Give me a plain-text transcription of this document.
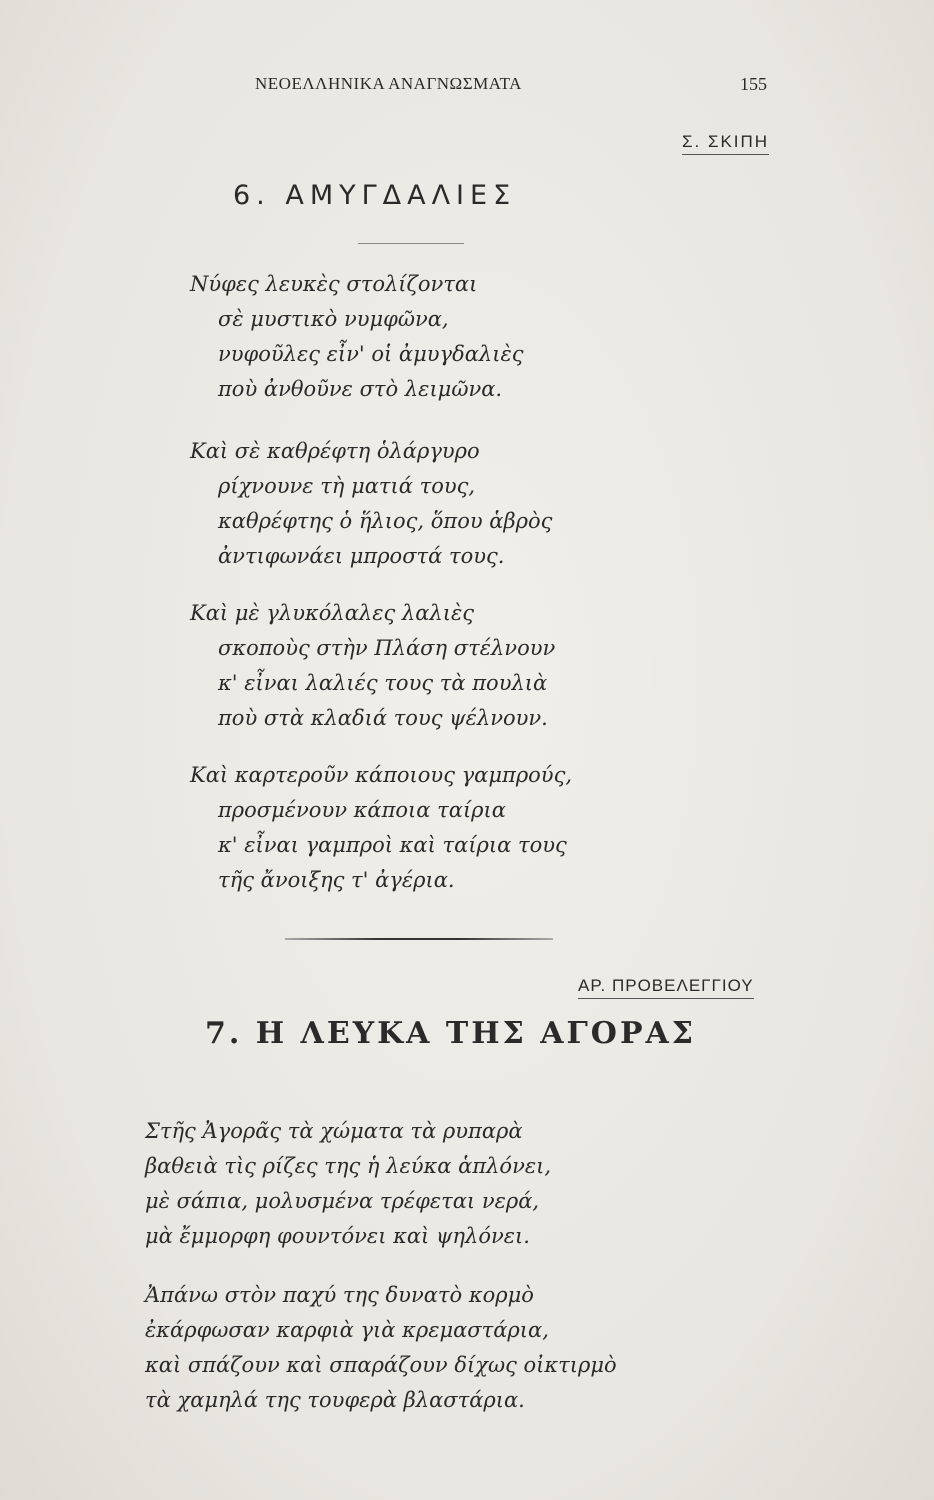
ΝΕΟΕΛΛΗΝΙΚΑ ΑΝΑΓΝΩΣΜΑΤΑ	155
Σ. ΣΚΙΠΗ
6. ΑΜΥΓΔΑΛΙΕΣ
Νύφες λευκὲς στολίζονται
σὲ μυστικὸ νυμφῶνα,
νυφοῦλες εἶν' οἱ ἀμυγδαλιὲς
ποὺ ἀνθοῦνε στὸ λειμῶνα.
Καὶ σὲ καθρέφτη ὁλάργυρο
ρίχνουνε τὴ ματιά τους,
καθρέφτης ὁ ἥλιος, ὅπου ἁβρὸς
ἀντιφωνάει μπροστά τους.
Καὶ μὲ γλυκόλαλες λαλιὲς
σκοποὺς στὴν Πλάση στέλνουν
κ' εἶναι λαλιές τους τὰ πουλιὰ
ποὺ στὰ κλαδιά τους ψέλνουν.
Καὶ καρτεροῦν κάποιους γαμπρούς,
προσμένουν κάποια ταίρια
κ' εἶναι γαμπροὶ καὶ ταίρια τους
τῆς ἄνοιξης τ' ἀγέρια.
ΑΡ. ΠΡΟΒΕΛΕΓΓΙΟΥ
7. Η ΛΕΥΚΑ ΤΗΣ ΑΓΟΡΑΣ
Στῆς Ἀγορᾶς τὰ χώματα τὰ ρυπαρὰ
βαθειὰ τὶς ρίζες της ἡ λεύκα ἁπλόνει,
μὲ σάπια, μολυσμένα τρέφεται νερά,
μὰ ἔμμορφη φουντόνει καὶ ψηλόνει.
Ἀπάνω στὸν παχύ της δυνατὸ κορμὸ
ἐκάρφωσαν καρφιὰ γιὰ κρεμαστάρια,
καὶ σπάζουν καὶ σπαράζουν δίχως οἰκτιρμὸ
τὰ χαμηλά της τουφερὰ βλαστάρια.
